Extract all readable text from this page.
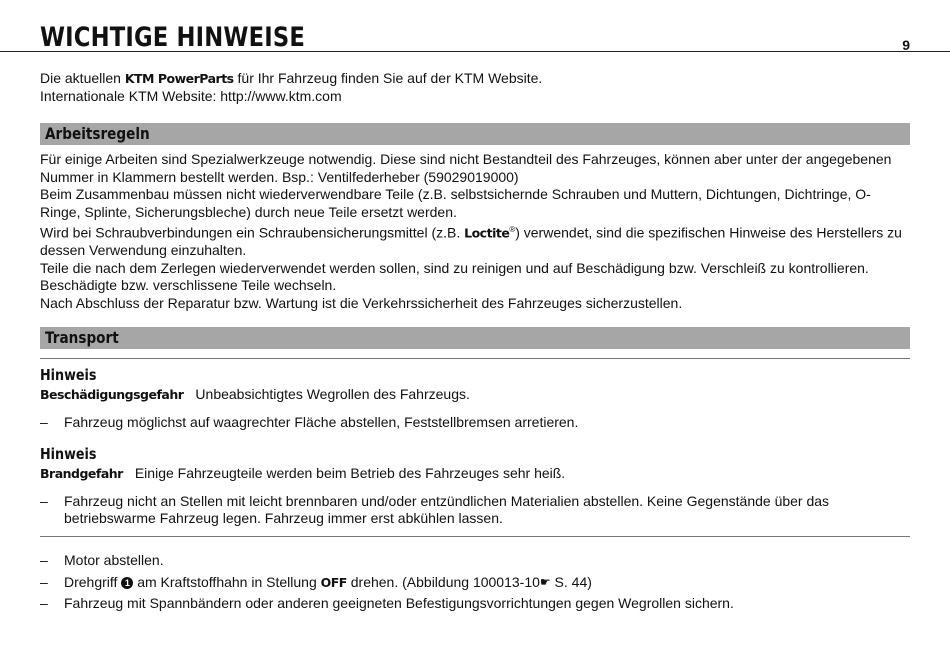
WICHTIGE HINWEISE	9

Die aktuellen KTM PowerParts für Ihr Fahrzeug finden Sie auf der KTM Website.

Internationale KTM Website: http://www.ktm.com

Arbeitsregeln

Für einige Arbeiten sind Spezialwerkzeuge notwendig. Diese sind nicht Bestandteil des Fahrzeuges, können aber unter der angegebenen Nummer in Klammern bestellt werden. Bsp.: Ventilfederheber (59029019000)

Beim Zusammenbau müssen nicht wiederverwendbare Teile (z.B. selbstsichernde Schrauben und Muttern, Dichtungen, Dichtringe, O-Ringe, Splinte, Sicherungsbleche) durch neue Teile ersetzt werden.

Wird bei Schraubverbindungen ein Schraubensicherungsmittel (z.B. Loctite®) verwendet, sind die spezifischen Hinweise des Herstellers zu dessen Verwendung einzuhalten.

Teile die nach dem Zerlegen wiederverwendet werden sollen, sind zu reinigen und auf Beschädigung bzw. Verschleiß zu kontrollieren. Beschädigte bzw. verschlissene Teile wechseln.

Nach Abschluss der Reparatur bzw. Wartung ist die Verkehrssicherheit des Fahrzeuges sicherzustellen.

Transport
Hinweis
Beschädigungsgefahr Unbeabsichtigtes Wegrollen des Fahrzeugs.
– Fahrzeug möglichst auf waagrechter Fläche abstellen, Feststellbremsen arretieren.
Hinweis
Brandgefahr Einige Fahrzeugteile werden beim Betrieb des Fahrzeuges sehr heiß.
– Fahrzeug nicht an Stellen mit leicht brennbaren und/oder entzündlichen Materialien abstellen. Keine Gegenstände über das betriebswarme Fahrzeug legen. Fahrzeug immer erst abkühlen lassen.
– Motor abstellen.
– Drehgriff 1 am Kraftstoffhahn in Stellung OFF drehen. (Abbildung 100013-10☛ S. 44)
– Fahrzeug mit Spannbändern oder anderen geeigneten Befestigungsvorrichtungen gegen Wegrollen sichern.
